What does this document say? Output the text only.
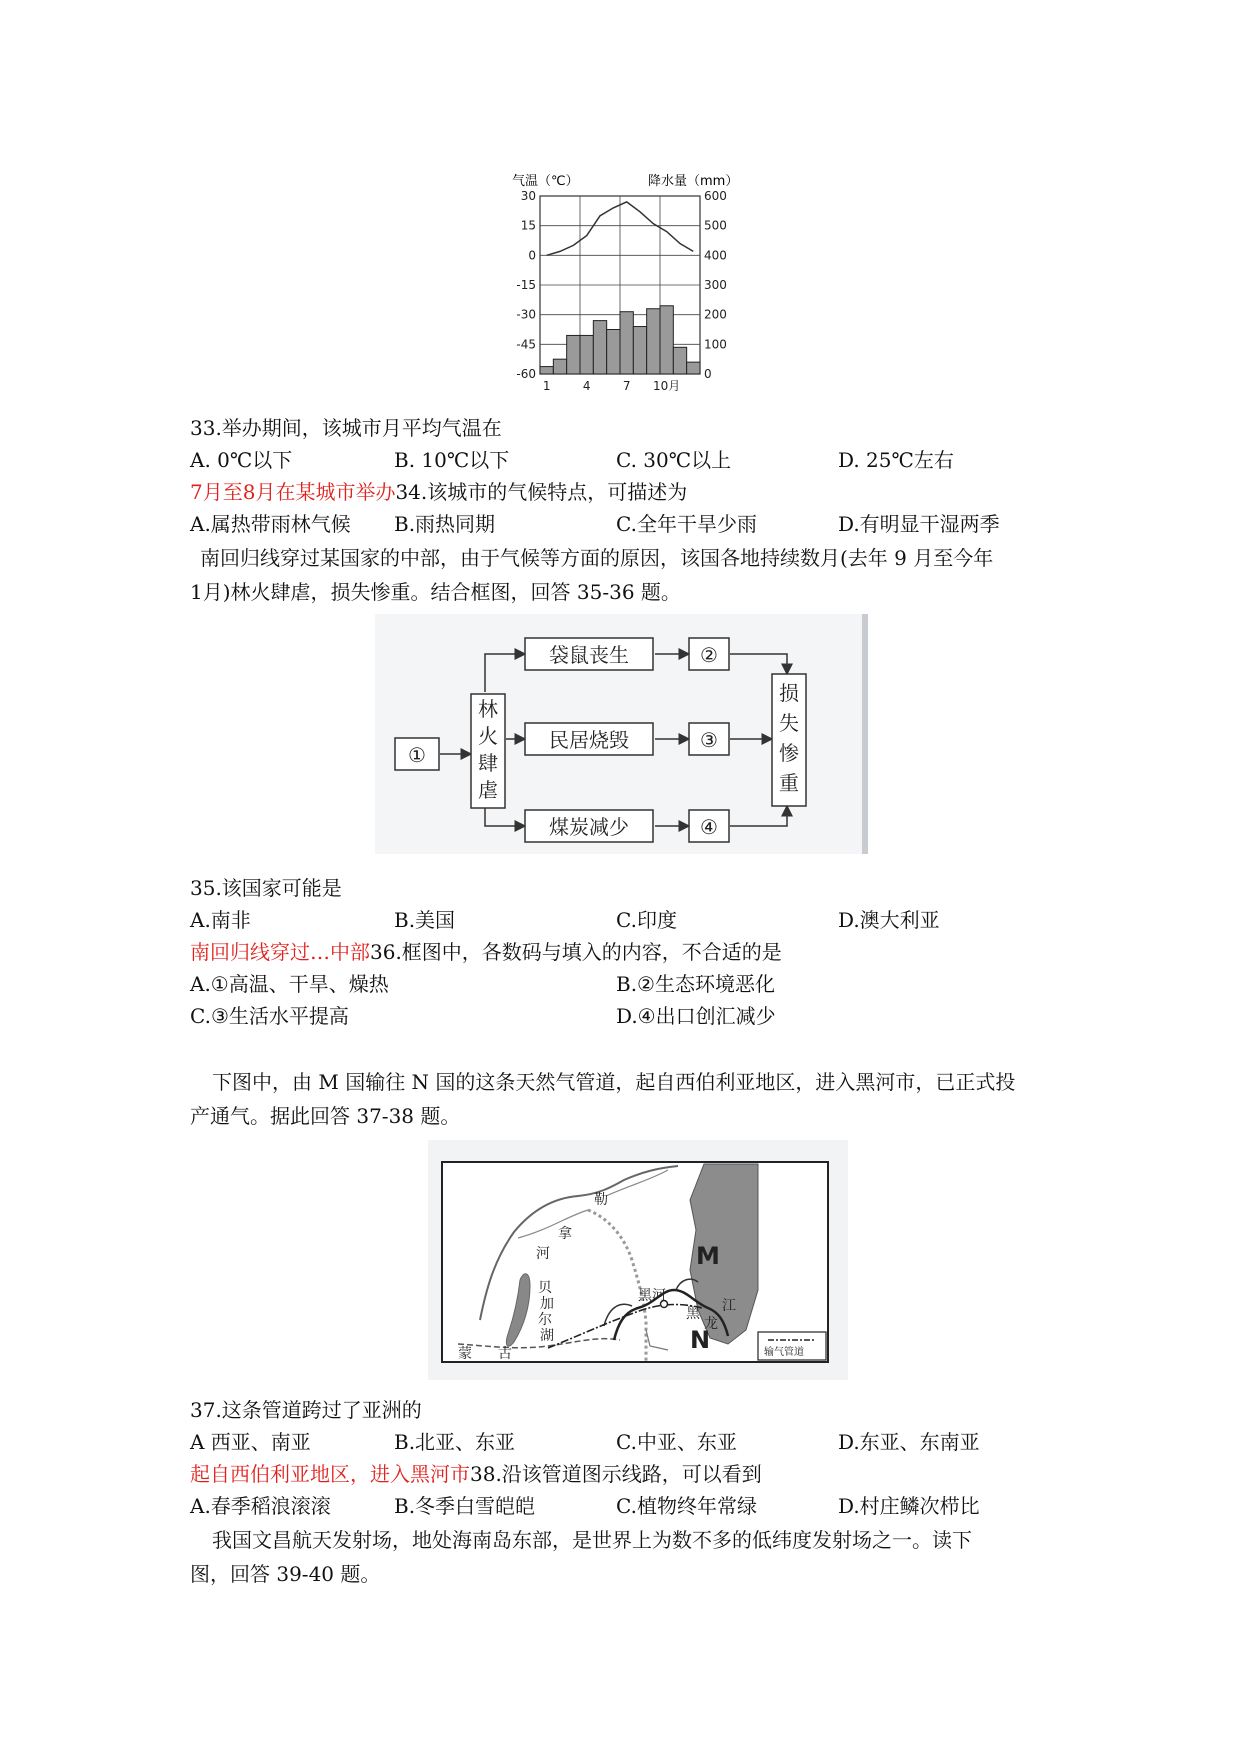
气温（℃）	降水量（mm）
30
15
0
-15
-30
-45
-60
600
500
400
300
200
100
0
1	4	7 10月
33.举办期间，该城市月平均气温在
A. 0℃以下	B. 10℃以下	C. 30℃以上	D. 25℃左右
7月至8月在某城市举办34.该城市的气候特点，可描述为
A.属热带雨林气候 B.雨热同期	C.全年干旱少雨	D.有明显干湿两季
南回归线穿过某国家的中部，由于气候等方面的原因，该国各地持续数月(去年 9 月至今年
1月)林火肆虐，损失惨重。结合框图，回答 35-36 题。
①
林
火
肆
虐
袋鼠丧生
民居烧毁
煤炭减少
②
③
④
损
失
惨
重
35.该国家可能是
A.南非	B.美国	C.印度	D.澳大利亚
南回归线穿过…中部36.框图中，各数码与填入的内容，不合适的是
A.①高温、干旱、燥热	B.②生态环境恶化
C.③生活水平提高	D.④出口创汇减少
下图中，由 M 国输往 N 国的这条天然气管道，起自西伯利亚地区，进入黑河市，已正式投
产通气。据此回答 37-38 题。
河
拿
勒
贝
加
尔
湖
黑河
黑
龙
江
蒙 古
M
N	输气管道
37.这条管道跨过了亚洲的
A 西亚、南亚	B.北亚、东亚	C.中亚、东亚	D.东亚、东南亚
起自西伯利亚地区，进入黑河市38.沿该管道图示线路，可以看到
A.春季稻浪滚滚	B.冬季白雪皑皑	C.植物终年常绿	D.村庄鳞次栉比
我国文昌航天发射场，地处海南岛东部，是世界上为数不多的低纬度发射场之一。读下
图，回答 39-40 题。
